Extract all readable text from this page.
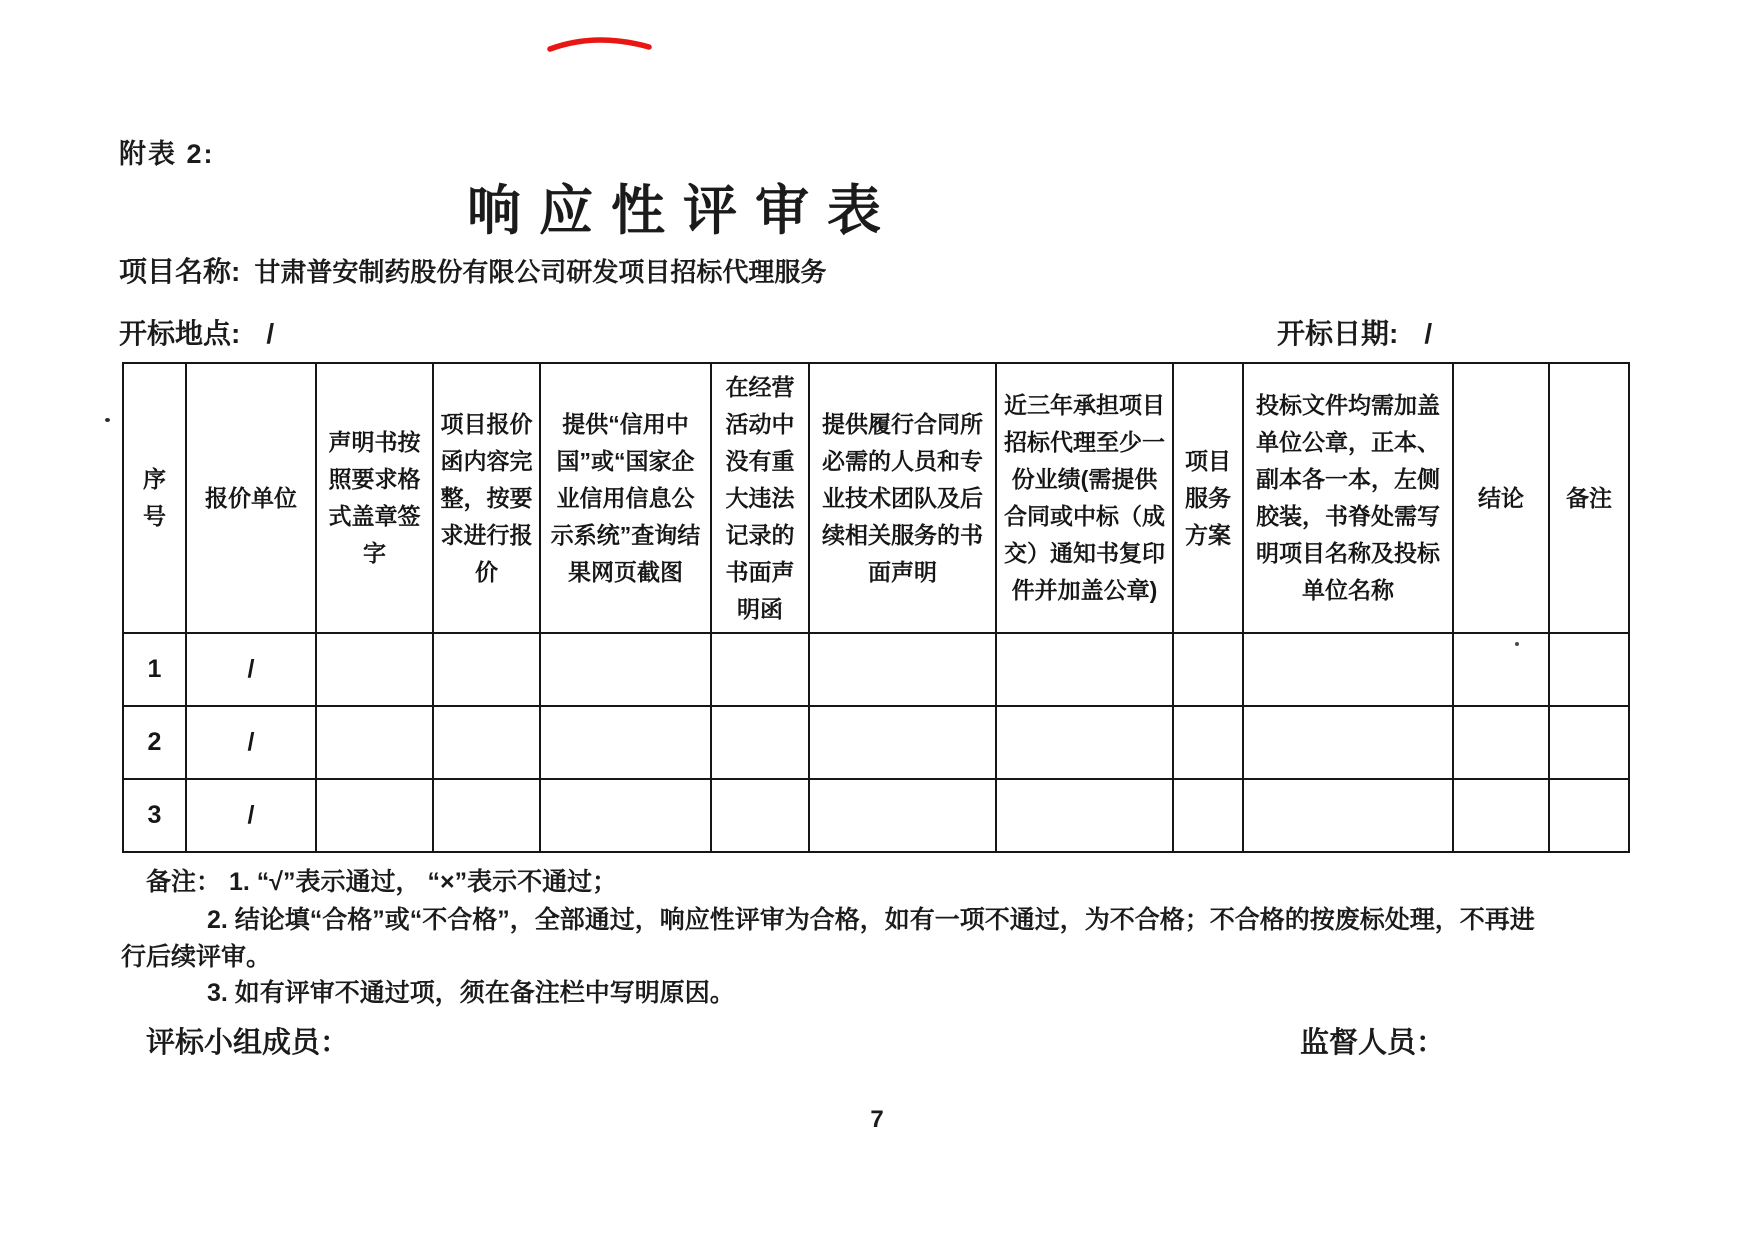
附表 2:
响应性评审表
项目名称: 甘肃普安制药股份有限公司研发项目招标代理服务
开标地点: /	开标日期: /
序号	报价单位	声明书按照要求格式盖章签字	项目报价函内容完整，按要求进行报价	提供“信用中国”或“国家企业信用信息公示系统”查询结果网页截图	在经营活动中没有重大违法记录的书面声明函	提供履行合同所必需的人员和专业技术团队及后续相关服务的书面声明	近三年承担项目招标代理至少一份业绩(需提供合同或中标（成交）通知书复印件并加盖公章)	项目服务方案	投标文件均需加盖单位公章，正本、副本各一本，左侧胶装，书脊处需写明项目名称及投标单位名称	结论	备注

1	/										
2	/										
3	/										
备注： 1. “√”表示通过， “×”表示不通过；
2. 结论填“合格”或“不合格”，全部通过，响应性评审为合格，如有一项不通过，为不合格；不合格的按废标处理，不再进
行后续评审。
3. 如有评审不通过项，须在备注栏中写明原因。
评标小组成员：	监督人员：
7
